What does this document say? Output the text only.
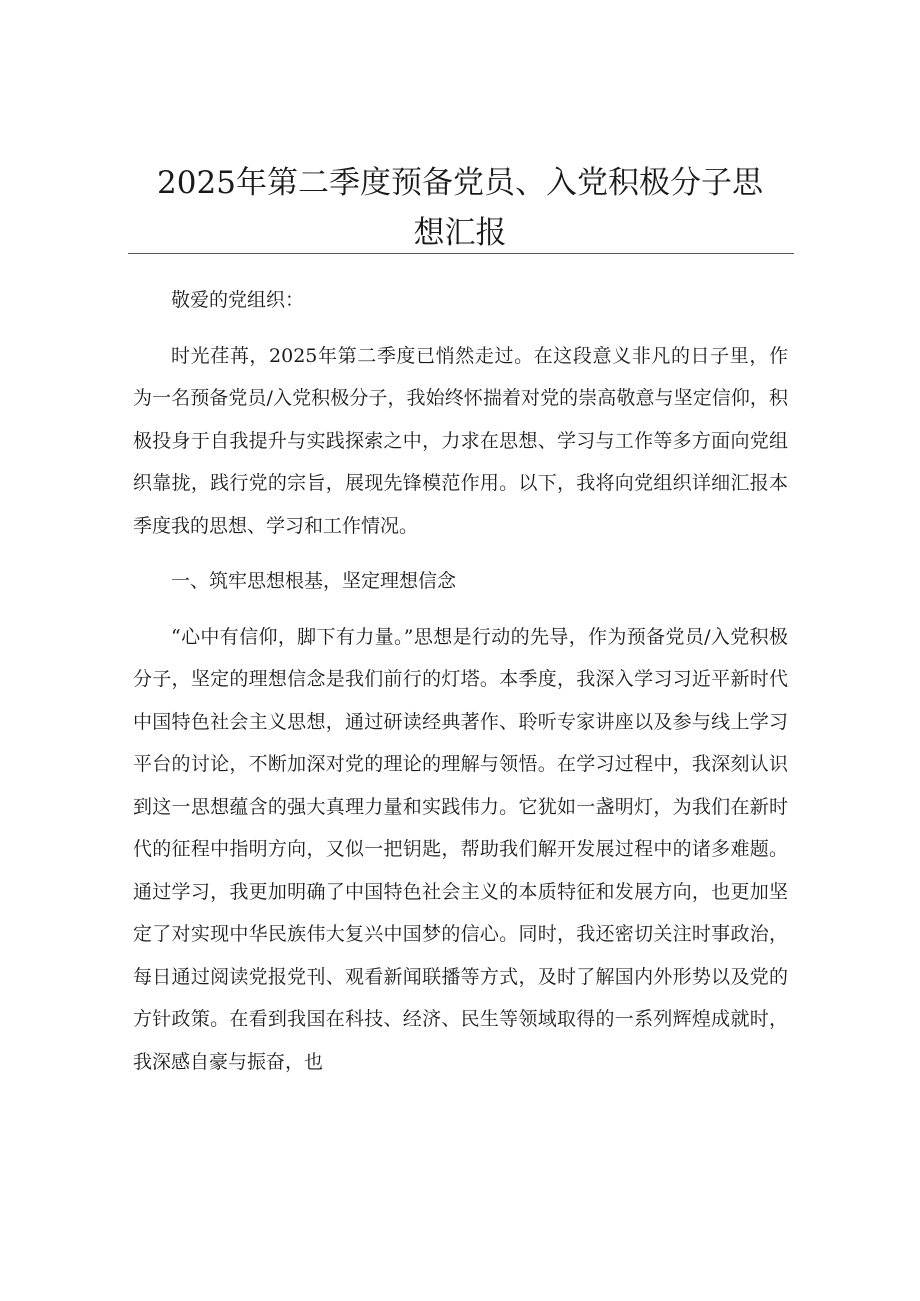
2025年第二季度预备党员、入党积极分子思想汇报

敬爱的党组织：

时光荏苒，2025年第二季度已悄然走过。在这段意义非凡的日子里，作为一名预备党员/入党积极分子，我始终怀揣着对党的崇高敬意与坚定信仰，积极投身于自我提升与实践探索之中，力求在思想、学习与工作等多方面向党组织靠拢，践行党的宗旨，展现先锋模范作用。以下，我将向党组织详细汇报本季度我的思想、学习和工作情况。

一、筑牢思想根基，坚定理想信念

“心中有信仰，脚下有力量。”思想是行动的先导，作为预备党员/入党积极分子，坚定的理想信念是我们前行的灯塔。本季度，我深入学习习近平新时代中国特色社会主义思想，通过研读经典著作、聆听专家讲座以及参与线上学习平台的讨论，不断加深对党的理论的理解与领悟。在学习过程中，我深刻认识到这一思想蕴含的强大真理力量和实践伟力。它犹如一盏明灯，为我们在新时代的征程中指明方向，又似一把钥匙，帮助我们解开发展过程中的诸多难题。通过学习，我更加明确了中国特色社会主义的本质特征和发展方向，也更加坚定了对实现中华民族伟大复兴中国梦的信心。同时，我还密切关注时事政治，每日通过阅读党报党刊、观看新闻联播等方式，及时了解国内外形势以及党的方针政策。在看到我国在科技、经济、民生等领域取得的一系列辉煌成就时，我深感自豪与振奋，也
